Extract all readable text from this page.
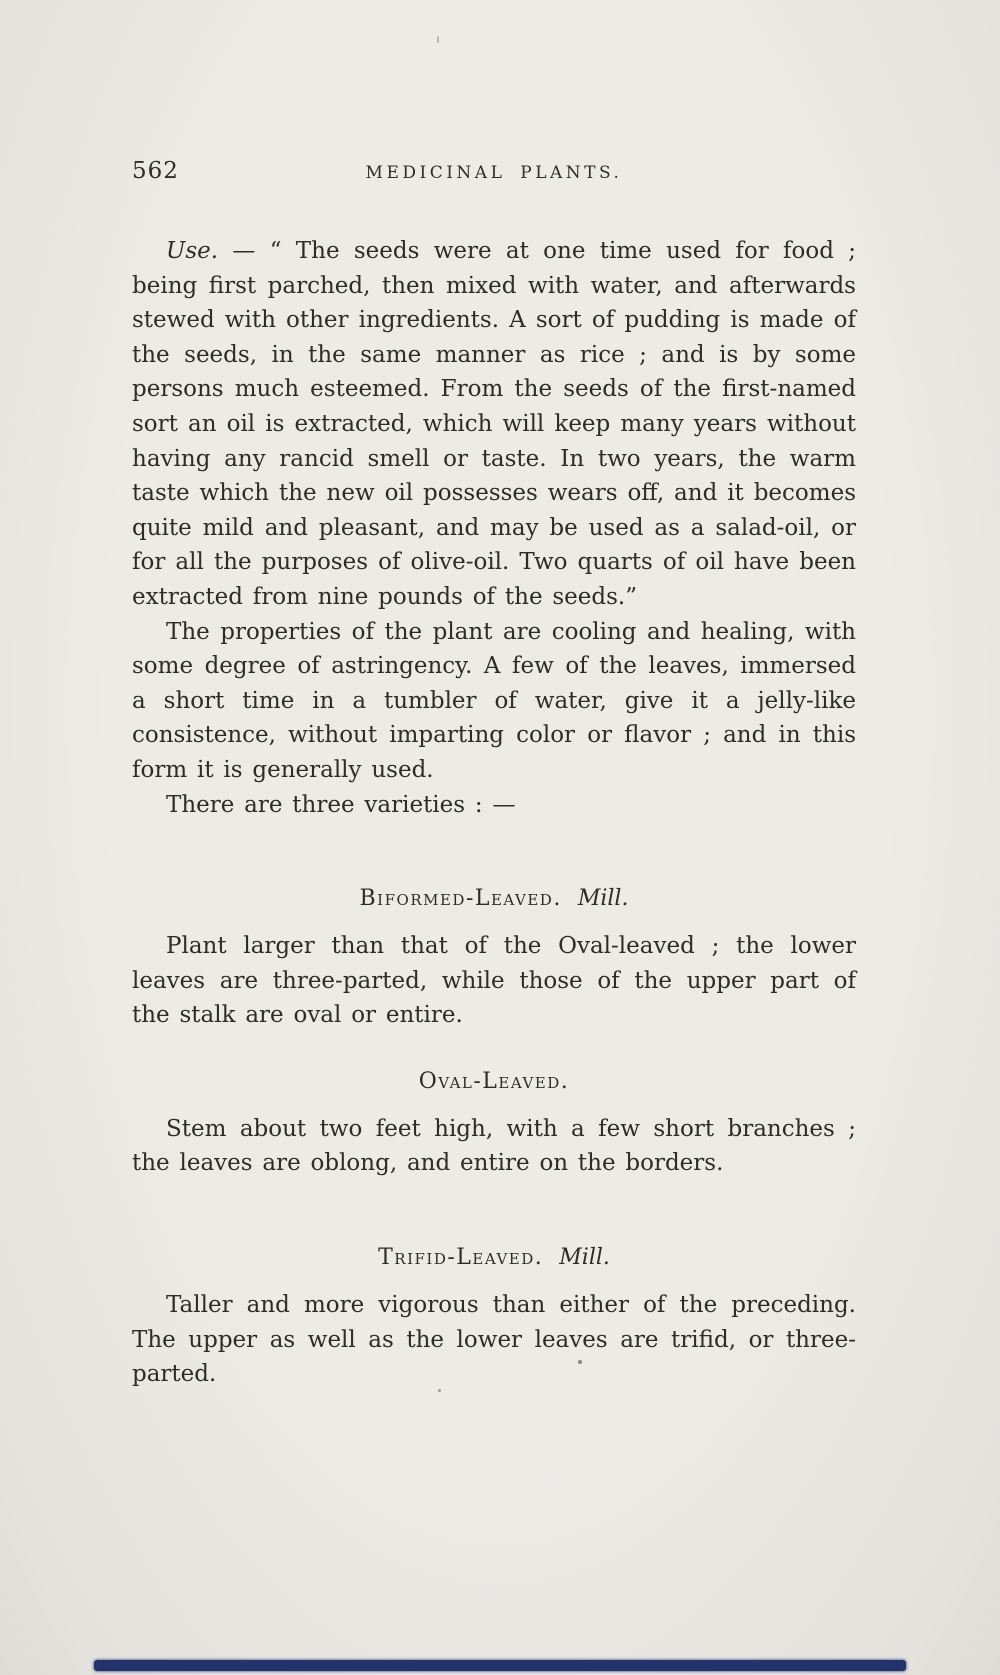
562	MEDICINAL PLANTS.

Use. — “ The seeds were at one time used for food ; being first parched, then mixed with water, and afterwards stewed with other ingredients. A sort of pudding is made of the seeds, in the same manner as rice ; and is by some persons much esteemed. From the seeds of the first-named sort an oil is extracted, which will keep many years without having any rancid smell or taste. In two years, the warm taste which the new oil possesses wears off, and it becomes quite mild and pleasant, and may be used as a salad-oil, or for all the purposes of olive-oil. Two quarts of oil have been extracted from nine pounds of the seeds.”

The properties of the plant are cooling and healing, with some degree of astringency. A few of the leaves, immersed a short time in a tumbler of water, give it a jelly-like consistence, without imparting color or flavor ; and in this form it is generally used.

There are three varieties : —

Biformed-Leaved. Mill.

Plant larger than that of the Oval-leaved ; the lower leaves are three-parted, while those of the upper part of the stalk are oval or entire.

Oval-Leaved.

Stem about two feet high, with a few short branches ; the leaves are oblong, and entire on the borders.

Trifid-Leaved. Mill.

Taller and more vigorous than either of the preceding. The upper as well as the lower leaves are trifid, or three-parted.
